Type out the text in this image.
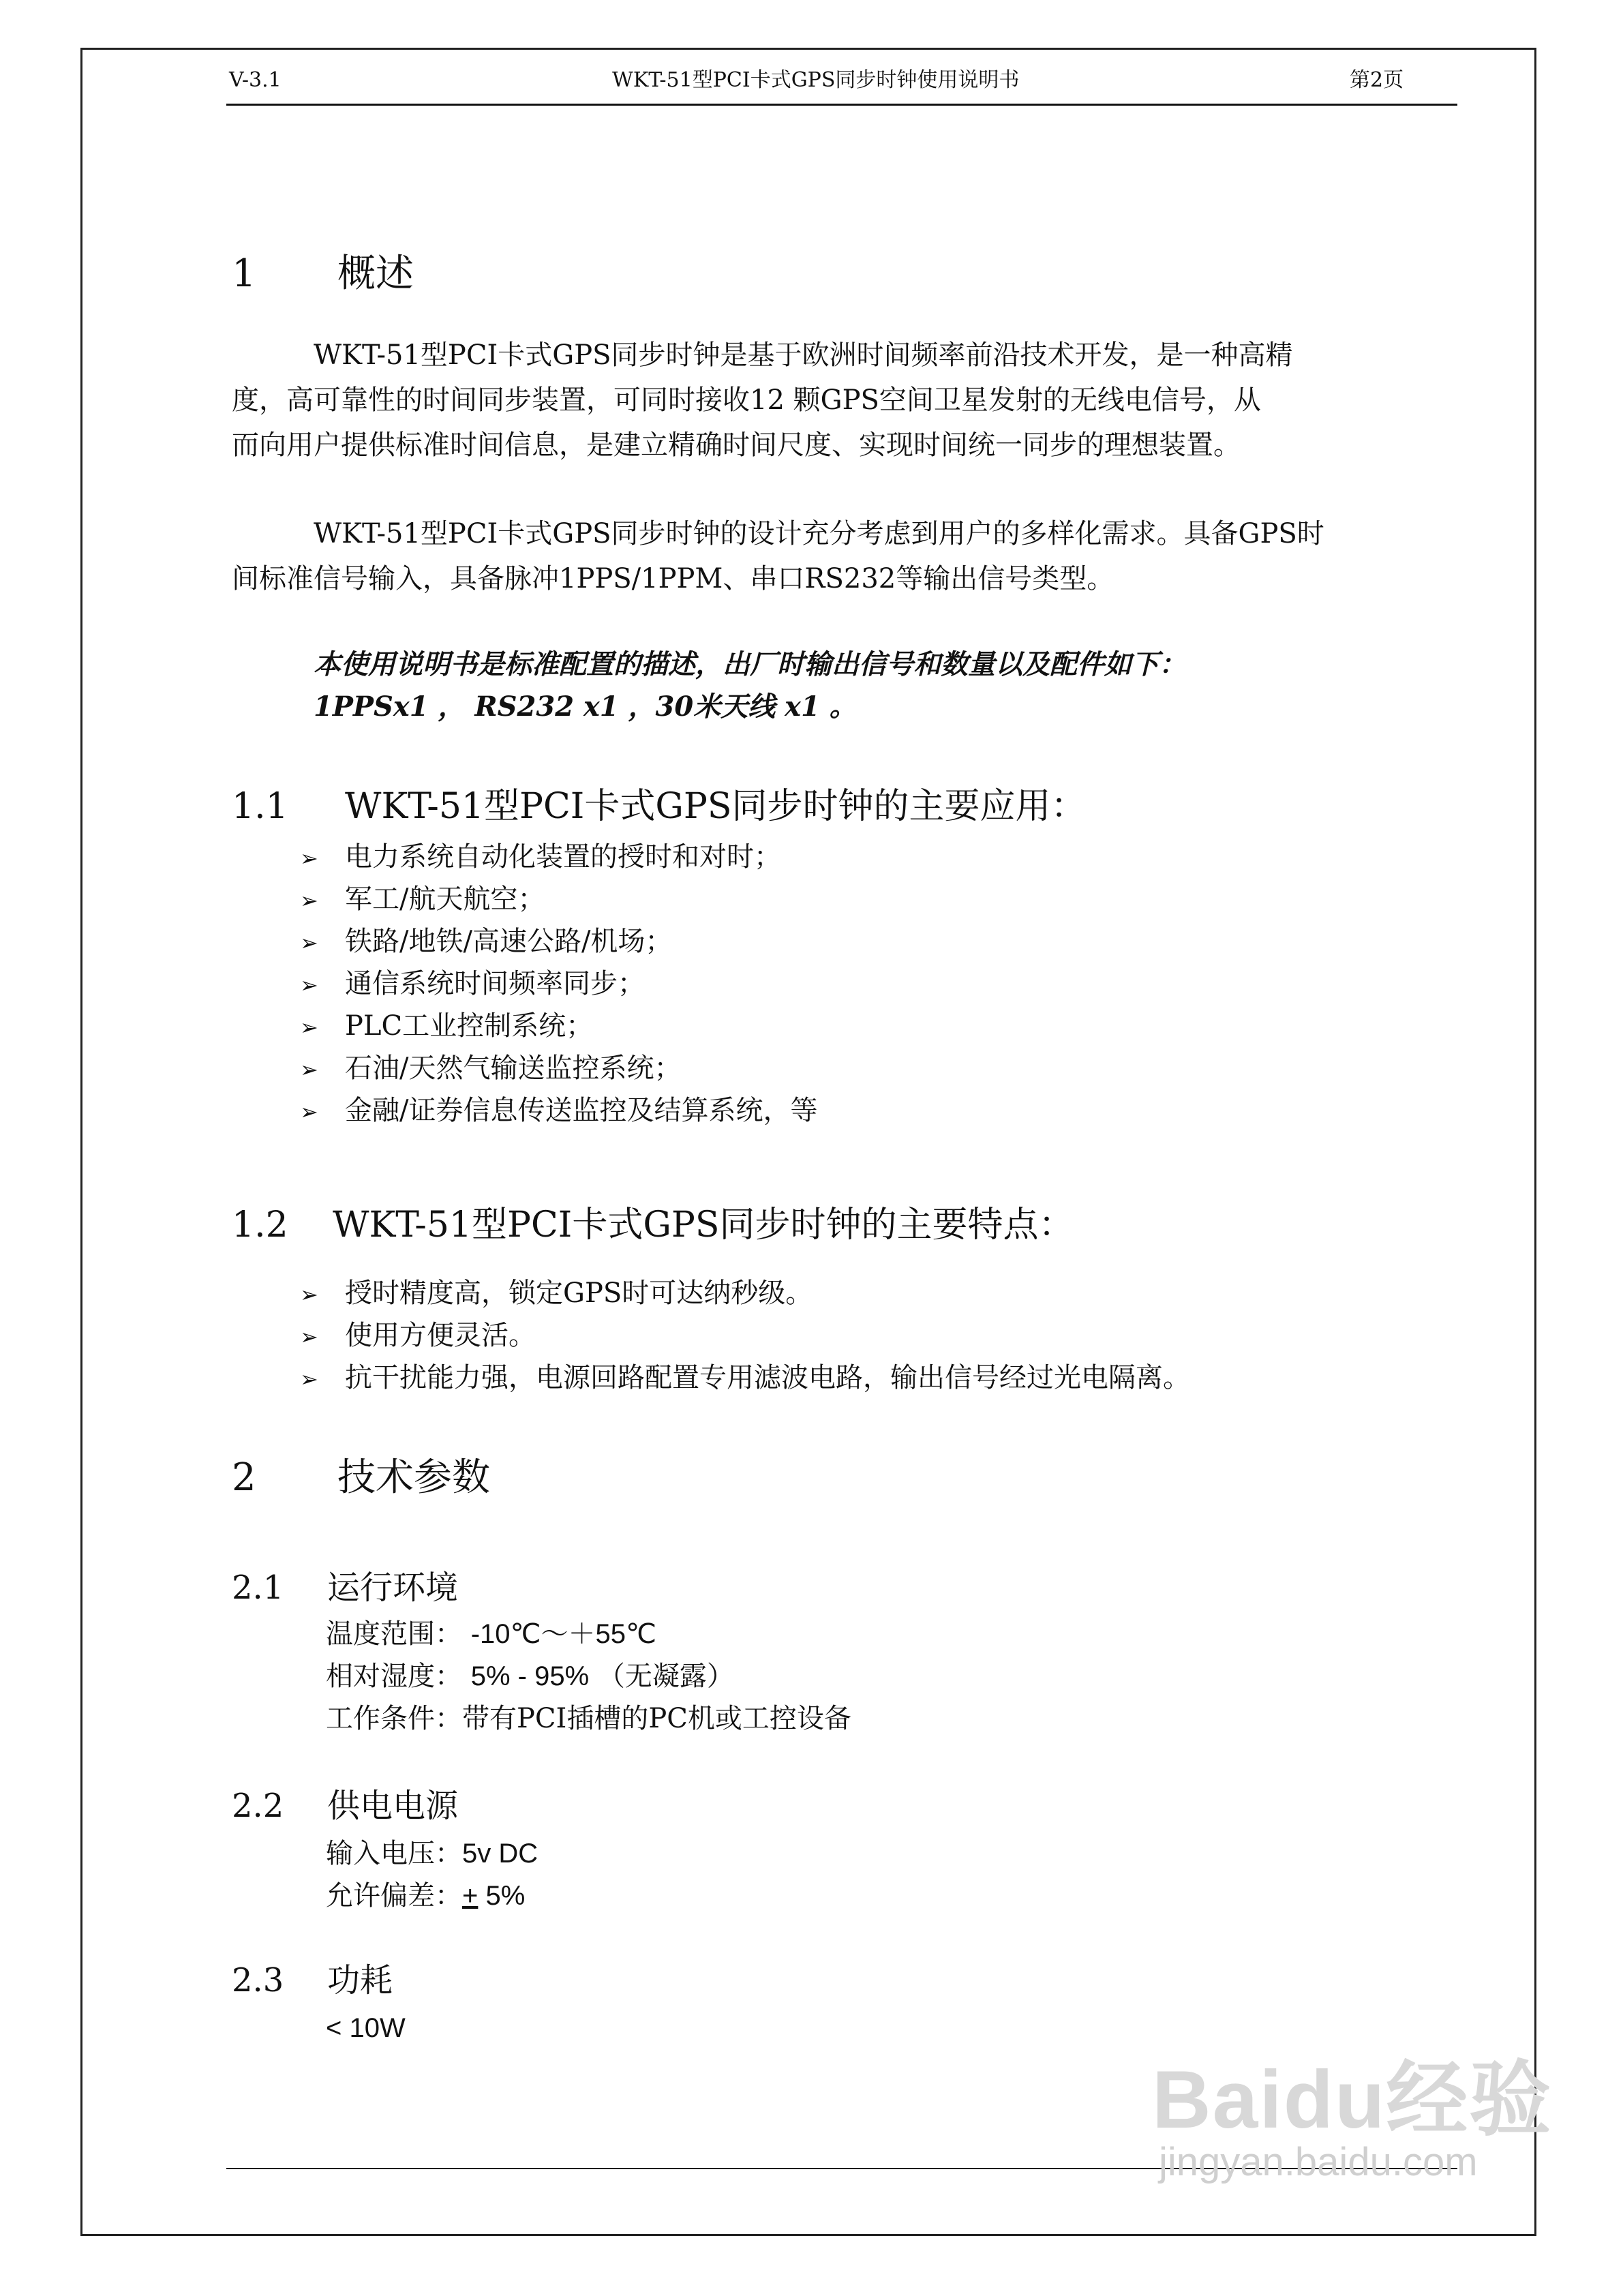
V-3.1	WKT-51型PCI卡式GPS同步时钟使用说明书	第2页
1 概述
WKT-51型PCI卡式GPS同步时钟是基于欧洲时间频率前沿技术开发，是一种高精
度，高可靠性的时间同步装置，可同时接收12 颗GPS空间卫星发射的无线电信号，从
而向用户提供标准时间信息，是建立精确时间尺度、实现时间统一同步的理想装置。
WKT-51型PCI卡式GPS同步时钟的设计充分考虑到用户的多样化需求。具备GPS时
间标准信号输入，具备脉冲1PPS/1PPM、串口RS232等输出信号类型。
本使用说明书是标准配置的描述，出厂时输出信号和数量以及配件如下：
1PPSx1 ， RS232 x1 ，30米天线 x1 。
1.1 WKT-51型PCI卡式GPS同步时钟的主要应用：
➢ 电力系统自动化装置的授时和对时；
➢ 军工/航天航空；
➢ 铁路/地铁/高速公路/机场；
➢ 通信系统时间频率同步；
➢ PLC工业控制系统；
➢ 石油/天然气输送监控系统；
➢ 金融/证券信息传送监控及结算系统，等
1.2 WKT-51型PCI卡式GPS同步时钟的主要特点：
➢ 授时精度高，锁定GPS时可达纳秒级。
➢ 使用方便灵活。
➢ 抗干扰能力强，电源回路配置专用滤波电路，输出信号经过光电隔离。
2 技术参数
2.1 运行环境
温度范围： -10℃～＋55℃
相对湿度： 5% - 95% （无凝露）
工作条件：带有PCI插槽的PC机或工控设备
2.2 供电电源
输入电压：5v DC
允许偏差：+ 5%
2.3 功耗
< 10W
Baidu经验
jingyan.baidu.com
